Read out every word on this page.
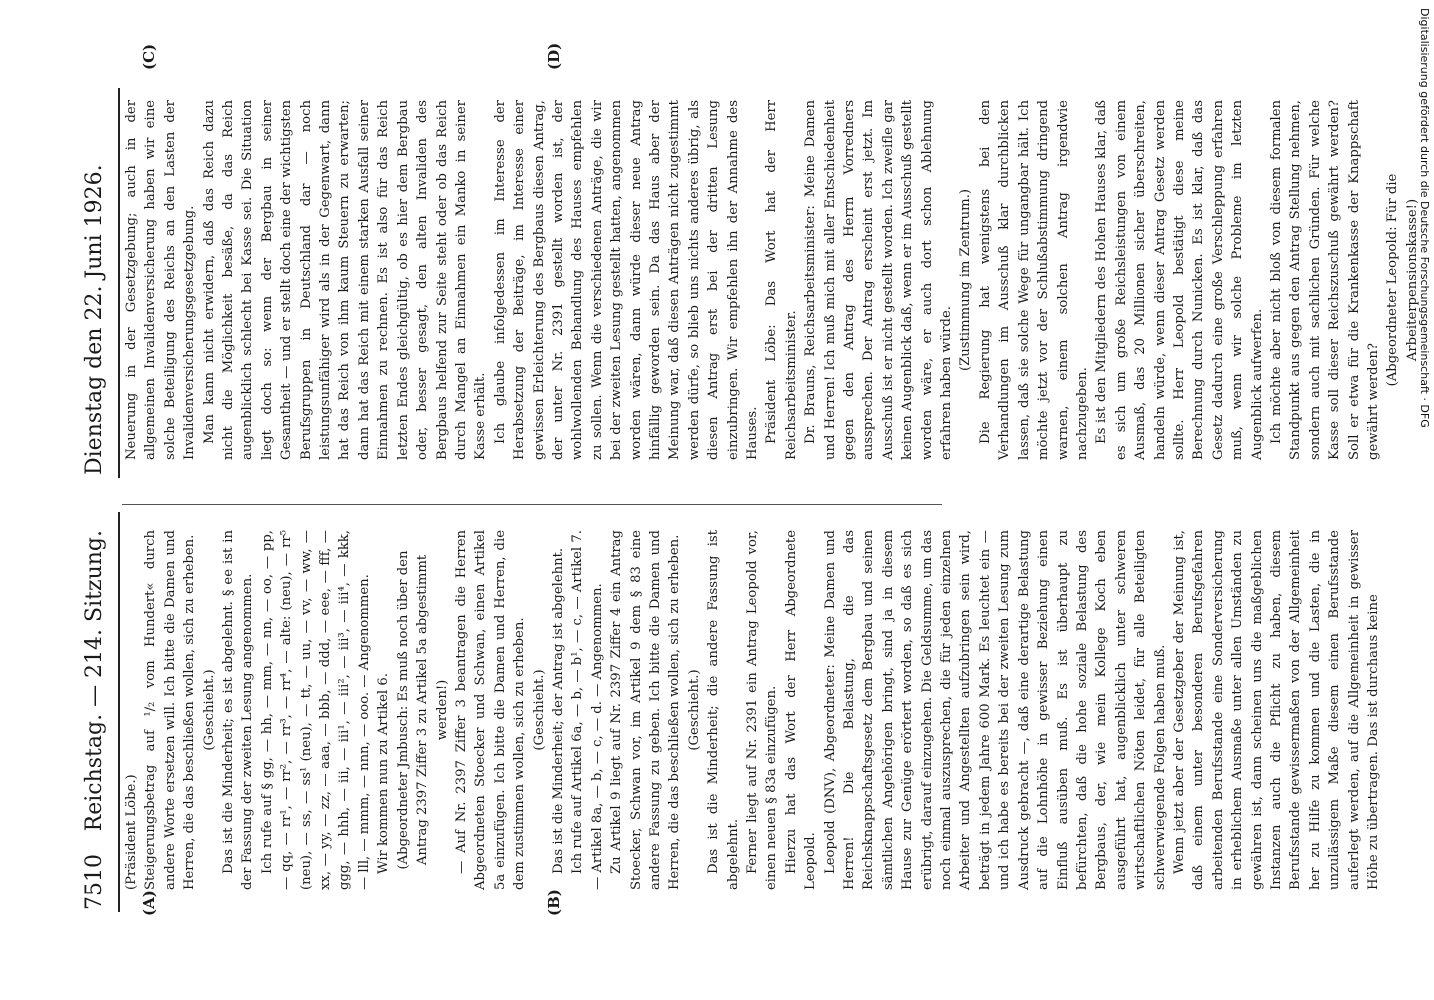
7510
Reichstag. — 214. Sitzung.
Dienstag den 22. Juni 1926.
(A)	(B)
(C)	(D)

(Präsident Löbe.) Steigerungsbetrag auf ¹/₂ vom Hundert« durch andere Worte ersetzen will. Ich bitte die Damen und Herren, die das beschließen wollen, sich zu erheben. (Geschieht.) Das ist die Minderheit; es ist abgelehnt. § ee ist in der Fassung der zweiten Lesung angenommen. Ich rufe auf § gg, — hh, — mm, — nn, — oo, — pp, — qq, — rr¹, — rr², — rr³, — rr⁴, — alte: (neu), — rr⁵ (neu), — ss, — ss¹ (neu), — tt, — uu, — vv, — ww, — xx, — yy, — zz, — aaa, — bbb, — ddd, — eee, — fff, — ggg, — hhh, — iii, — iii¹, — iii², — iii³, — iii⁴, — kkk, — lll, — mmm, — nnn, — ooo. — Angenommen. Wir kommen nun zu Artikel 6. (Abgeordneter Jmbusch: Es muß noch über den Antrag 2397 Ziffer 3 zu Artikel 5a abgestimmt werden!) — Auf Nr. 2397 Ziffer 3 beantragen die Herren Abgeordneten Stoecker und Schwan, einen Artikel 5a einzufügen. Ich bitte die Damen und Herren, die dem zustimmen wollen, sich zu erheben. (Geschieht.) Das ist die Minderheit; der Antrag ist abgelehnt. Ich rufe auf Artikel 6a, — b, — b¹, — c, — Artikel 7. — Artikel 8a, — b, — c, — d. — Angenommen. Zu Artikel 9 liegt auf Nr. 2397 Ziffer 4 ein Antrag Stoecker, Schwan vor, im Artikel 9 dem § 83 eine andere Fassung zu geben. Ich bitte die Damen und Herren, die das beschließen wollen, sich zu erheben. (Geschieht.) Das ist die Minderheit; die andere Fassung ist abgelehnt. Ferner liegt auf Nr. 2391 ein Antrag Leopold vor, einen neuen § 83a einzufügen. Hierzu hat das Wort der Herr Abgeordnete Leopold. Leopold (DNV), Abgeordneter: Meine Damen und Herren! Die Belastung, die das Reichsknappschaftsgesetz dem Bergbau und seinen sämtlichen Angehörigen bringt, sind ja in diesem Hause zur Genüge erörtert worden, so daß es sich erübrigt, darauf einzugehen. Die Geldsumme, um das noch einmal auszusprechen, die für jeden einzelnen Arbeiter und Angestellten aufzubringen sein wird, beträgt in jedem Jahre 600 Mark. Es leuchtet ein — und ich habe es bereits bei der zweiten Lesung zum Ausdruck gebracht —, daß eine derartige Belastung auf die Lohnhöhe in gewisser Beziehung einen Einfluß ausüben muß. Es ist überhaupt zu befürchten, daß die hohe soziale Belastung des Bergbaus, der, wie mein Kollege Koch eben ausgeführt hat, augenblicklich unter schweren wirtschaftlichen Nöten leidet, für alle Beteiligten schwerwiegende Folgen haben muß. Wenn jetzt aber der Gesetzgeber der Meinung ist, daß einem unter besonderen Berufsgefahren arbeitenden Berufsstande eine Sonderversicherung in erheblichem Ausmaße unter allen Umständen zu gewähren ist, dann scheinen uns die maßgeblichen Instanzen auch die Pflicht zu haben, diesem Berufsstande gewissermaßen von der Allgemeinheit her zu Hilfe zu kommen und die Lasten, die in unzulässigem Maße diesem einen Berufsstande auferlegt werden, auf die Allgemeinheit in gewisser Höhe zu übertragen. Das ist durchaus keine

Neuerung in der Gesetzgebung; auch in der allgemeinen Invalidenversicherung haben wir eine solche Beteiligung des Reichs an den Lasten der Invalidenversicherungsgesetzgebung. Man kann nicht erwidern, daß das Reich dazu nicht die Möglichkeit besäße, da das Reich augenblicklich schlecht bei Kasse sei. Die Situation liegt doch so: wenn der Bergbau in seiner Gesamtheit — und er stellt doch eine der wichtigsten Berufsgruppen in Deutschland dar — noch leistungsunfähiger wird als in der Gegenwart, dann hat das Reich von ihm kaum Steuern zu erwarten; dann hat das Reich mit einem starken Ausfall seiner Einnahmen zu rechnen. Es ist also für das Reich letzten Endes gleichgültig, ob es hier dem Bergbau oder, besser gesagt, den alten Invaliden des Bergbaus helfend zur Seite steht oder ob das Reich durch Mangel an Einnahmen ein Manko in seiner Kasse erhält. Ich glaube infolgedessen im Interesse der Herabsetzung der Beiträge, im Interesse einer gewissen Erleichterung des Bergbaus diesen Antrag, der unter Nr. 2391 gestellt worden ist, der wohlwollenden Behandlung des Hauses empfehlen zu sollen. Wenn die verschiedenen Anträge, die wir bei der zweiten Lesung gestellt hatten, angenommen worden wären, dann würde dieser neue Antrag hinfällig geworden sein. Da das Haus aber der Meinung war, daß diesen Anträgen nicht zugestimmt werden dürfe, so blieb uns nichts anderes übrig, als diesen Antrag erst bei der dritten Lesung einzubringen. Wir empfehlen ihn der Annahme des Hauses. Präsident Löbe: Das Wort hat der Herr Reichsarbeitsminister. Dr. Brauns, Reichsarbeitsminister: Meine Damen und Herren! Ich muß mich mit aller Entschiedenheit gegen den Antrag des Herrn Vorredners aussprechen. Der Antrag erscheint erst jetzt. Im Ausschuß ist er nicht gestellt worden. Ich zweifle gar keinen Augenblick daß, wenn er im Ausschuß gestellt worden wäre, er auch dort schon Ablehnung erfahren haben würde.

(Zustimmung im Zentrum.) Die Regierung hat wenigstens bei den Verhandlungen im Ausschuß klar durchblicken lassen, daß sie solche Wege für ungangbar hält. Ich möchte jetzt vor der Schlußabstimmung dringend warnen, einem solchen Antrag irgendwie nachzugeben. Es ist den Mitgliedern des Hohen Hauses klar, daß es sich um große Reichsleistungen von einem Ausmaß, das 20 Millionen sicher überschreiten, handeln würde, wenn dieser Antrag Gesetz werden sollte. Herr Leopold bestätigt diese meine Berechnung durch Nunicken. Es ist klar, daß das Gesetz dadurch eine große Verschleppung erfahren muß, wenn wir solche Probleme im letzten Augenblick aufwerfen. Ich möchte aber nicht bloß von diesem formalen Standpunkt aus gegen den Antrag Stellung nehmen, sondern auch mit sachlichen Gründen. Für welche Kasse soll dieser Reichszuschuß gewährt werden? Soll er etwa für die Krankenkasse der Knappschaft gewährt werden?

(Abgeordneter Leopold: Für die Arbeiterpensionskasse!)

Digitalisierung gefördert durch die Deutsche Forschungsgemeinschaft · DFG
